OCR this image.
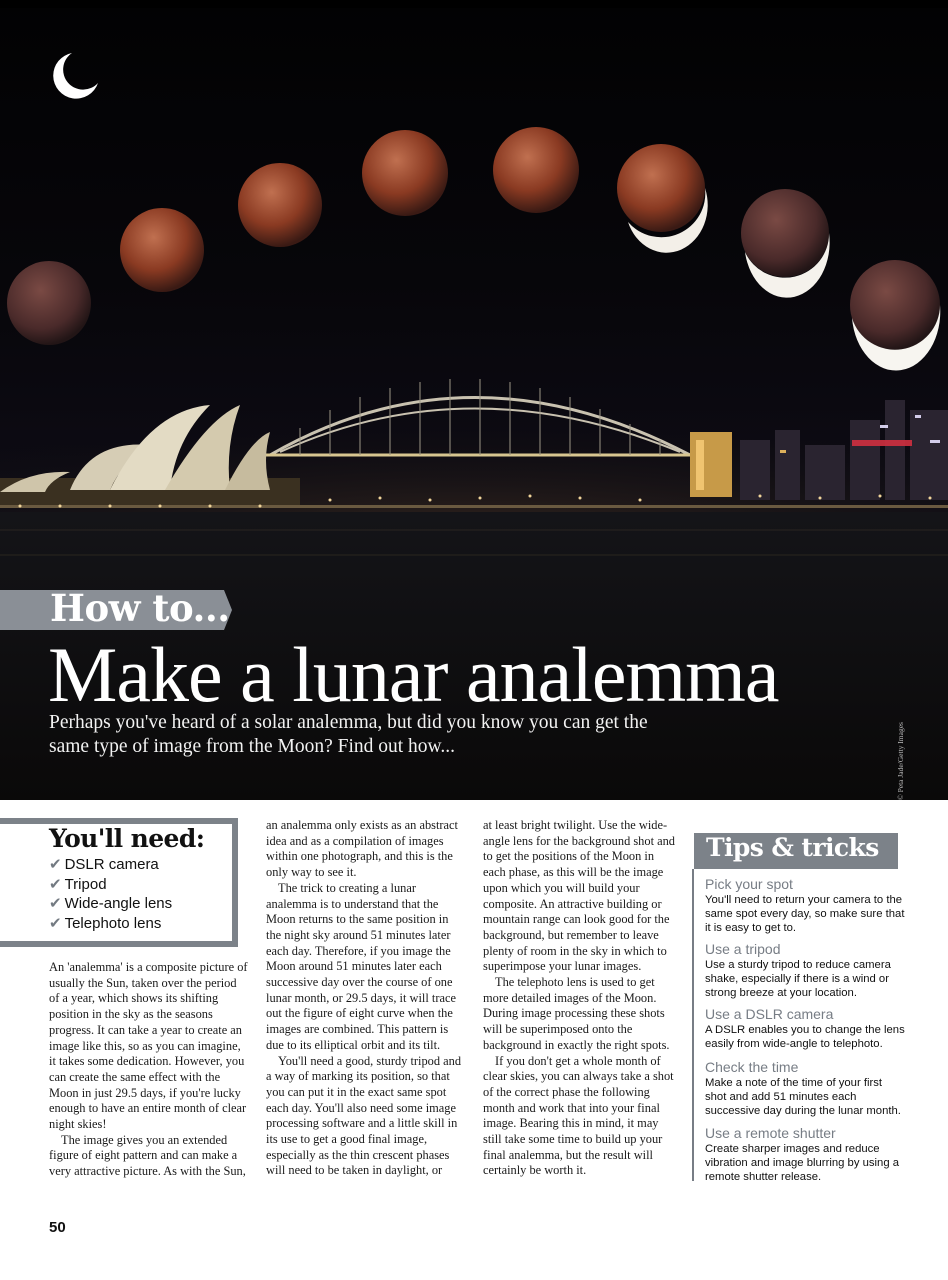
How to...
Make a lunar analemma
Perhaps you've heard of a solar analemma, but did you know you can get the same type of image from the Moon? Find out how...	© Peta Jade/Getty Images
You'll need:
✔ DSLR camera
✔ Tripod
✔ Wide-angle lens
✔ Telephoto lens

An 'analemma' is a composite picture of usually the Sun, taken over the period of a year, which shows its shifting position in the sky as the seasons progress. It can take a year to create an image like this, so as you can imagine, it takes some dedication. However, you can create the same effect with the Moon in just 29.5 days, if you're lucky enough to have an entire month of clear night skies!

The image gives you an extended figure of eight pattern and can make a very attractive picture. As with the Sun,

an analemma only exists as an abstract idea and as a compilation of images within one photograph, and this is the only way to see it.

The trick to creating a lunar analemma is to understand that the Moon returns to the same position in the night sky around 51 minutes later each day. Therefore, if you image the Moon around 51 minutes later each successive day over the course of one lunar month, or 29.5 days, it will trace out the figure of eight curve when the images are combined. This pattern is due to its elliptical orbit and its tilt.

You'll need a good, sturdy tripod and a way of marking its position, so that you can put it in the exact same spot each day. You'll also need some image processing software and a little skill in its use to get a good final image, especially as the thin crescent phases will need to be taken in daylight, or

at least bright twilight. Use the wide-angle lens for the background shot and to get the positions of the Moon in each phase, as this will be the image upon which you will build your composite. An attractive building or mountain range can look good for the background, but remember to leave plenty of room in the sky in which to superimpose your lunar images.

The telephoto lens is used to get more detailed images of the Moon. During image processing these shots will be superimposed onto the background in exactly the right spots.

If you don't get a whole month of clear skies, you can always take a shot of the correct phase the following month and work that into your final image. Bearing this in mind, it may still take some time to build up your final analemma, but the result will certainly be worth it.

Tips & tricks
Pick your spot
You'll need to return your camera to the same spot every day, so make sure that it is easy to get to.
Use a tripod
Use a sturdy tripod to reduce camera shake, especially if there is a wind or strong breeze at your location.
Use a DSLR camera
A DSLR enables you to change the lens easily from wide-angle to telephoto.
Check the time
Make a note of the time of your first shot and add 51 minutes each successive day during the lunar month.
Use a remote shutter
Create sharper images and reduce vibration and image blurring by using a remote shutter release.
50
